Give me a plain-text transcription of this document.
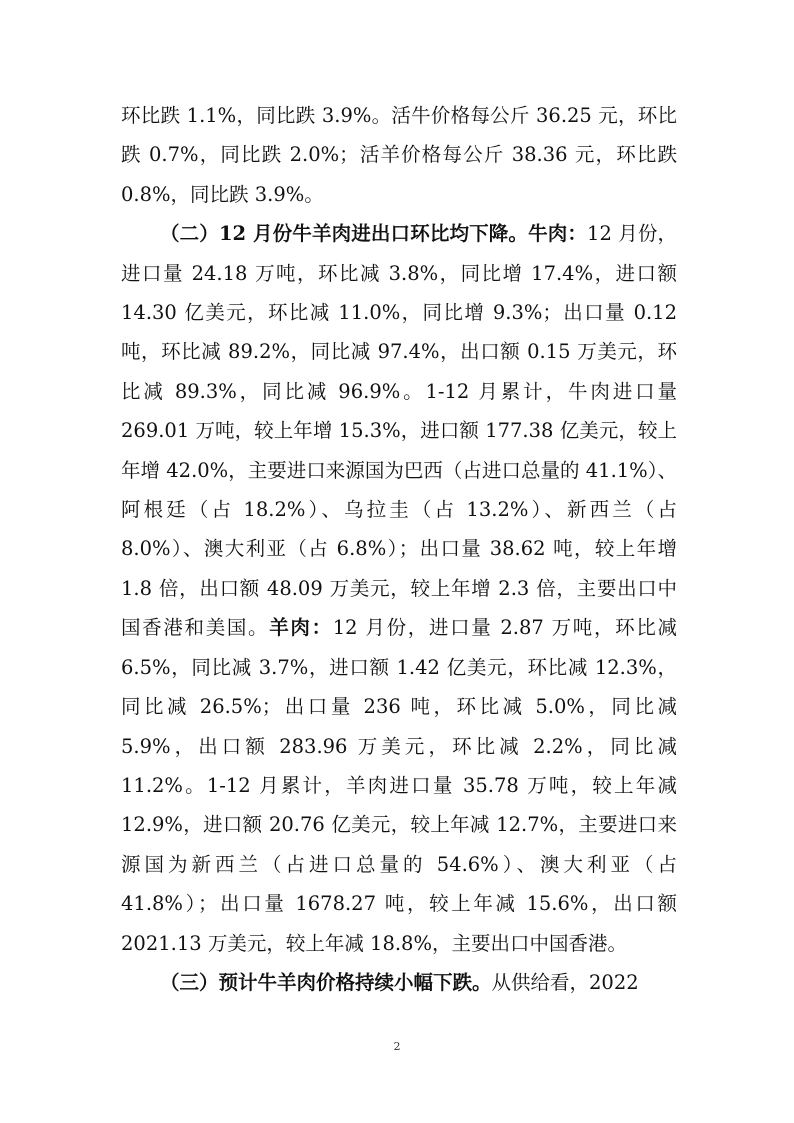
环比跌 1.1%，同比跌 3.9%。活牛价格每公斤 36.25 元，环比跌 0.7%，同比跌 2.0%；活羊价格每公斤 38.36 元，环比跌 0.8%，同比跌 3.9%。

（二）12 月份牛羊肉进出口环比均下降。牛肉：12 月份，进口量 24.18 万吨，环比减 3.8%，同比增 17.4%，进口额 14.30 亿美元，环比减 11.0%，同比增 9.3%；出口量 0.12 吨，环比减 89.2%，同比减 97.4%，出口额 0.15 万美元，环比减 89.3%，同比减 96.9%。1-12 月累计，牛肉进口量 269.01 万吨，较上年增 15.3%，进口额 177.38 亿美元，较上年增 42.0%，主要进口来源国为巴西（占进口总量的 41.1%）、阿根廷（占 18.2%）、乌拉圭（占 13.2%）、新西兰（占 8.0%）、澳大利亚（占 6.8%）；出口量 38.62 吨，较上年增 1.8 倍，出口额 48.09 万美元，较上年增 2.3 倍，主要出口中国香港和美国。羊肉：12 月份，进口量 2.87 万吨，环比减 6.5%，同比减 3.7%，进口额 1.42 亿美元，环比减 12.3%，同比减 26.5%；出口量 236 吨，环比减 5.0%，同比减 5.9%，出口额 283.96 万美元，环比减 2.2%，同比减 11.2%。1-12 月累计，羊肉进口量 35.78 万吨，较上年减 12.9%，进口额 20.76 亿美元，较上年减 12.7%，主要进口来源国为新西兰（占进口总量的 54.6%）、澳大利亚（占 41.8%）；出口量 1678.27 吨，较上年减 15.6%，出口额 2021.13 万美元，较上年减 18.8%，主要出口中国香港。

（三）预计牛羊肉价格持续小幅下跌。从供给看，2022

2
